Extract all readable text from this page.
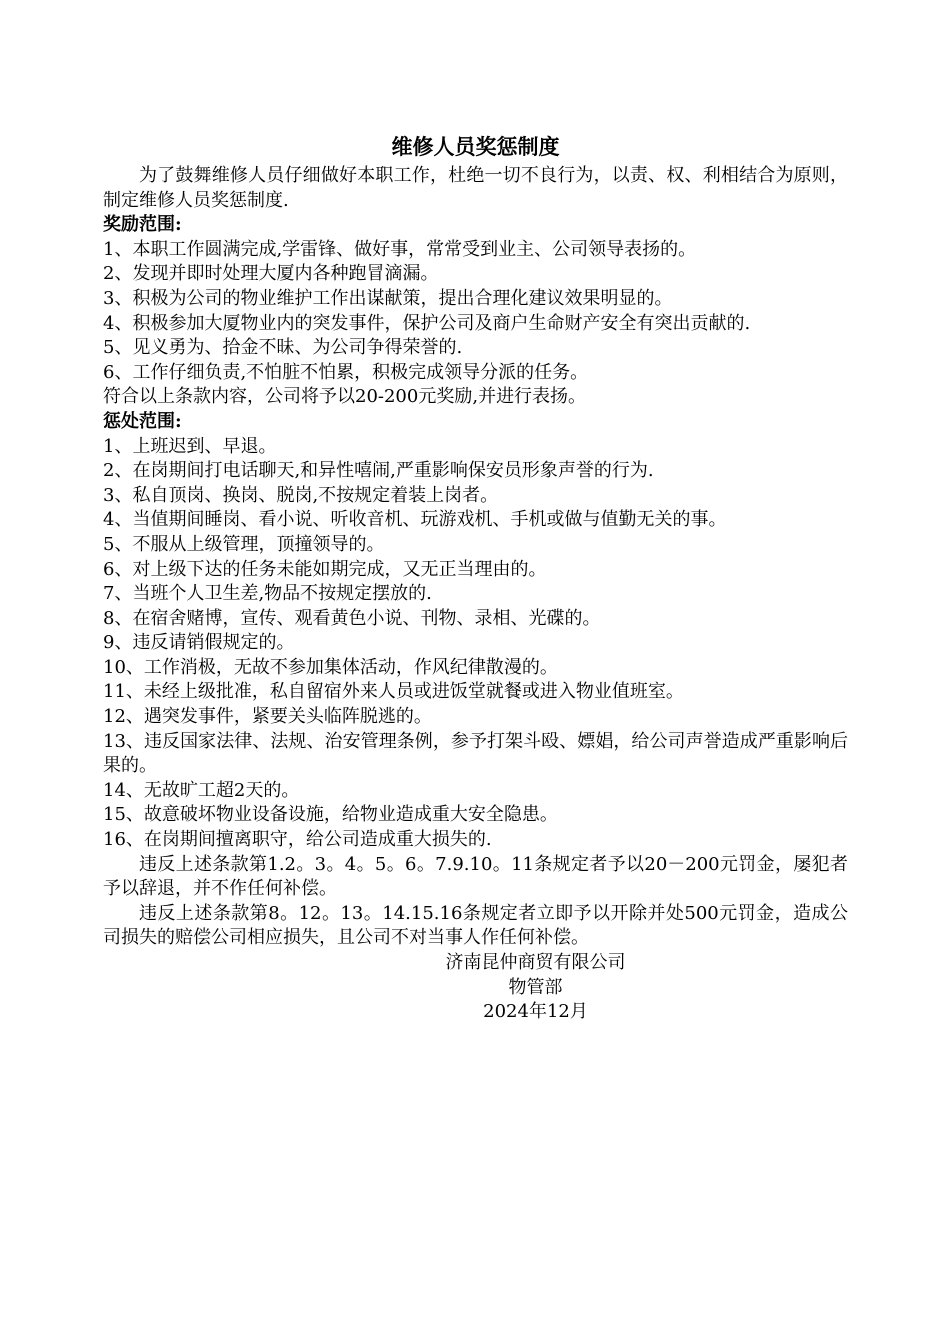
维修人员奖惩制度

为了鼓舞维修人员仔细做好本职工作，杜绝一切不良行为，以责、权、利相结合为原则，制定维修人员奖惩制度.

奖励范围:

1、本职工作圆满完成,学雷锋、做好事，常常受到业主、公司领导表扬的。
2、发现并即时处理大厦内各种跑冒滴漏。
3、积极为公司的物业维护工作出谋献策，提出合理化建议效果明显的。
4、积极参加大厦物业内的突发事件，保护公司及商户生命财产安全有突出贡献的.
5、见义勇为、拾金不昧、为公司争得荣誉的.
6、工作仔细负责,不怕脏不怕累，积极完成领导分派的任务。

符合以上条款内容，公司将予以20-200元奖励,并进行表扬。

惩处范围:

1、上班迟到、早退。
2、在岗期间打电话聊天,和异性嘻闹,严重影响保安员形象声誉的行为.
3、私自顶岗、换岗、脱岗,不按规定着装上岗者。
4、当值期间睡岗、看小说、听收音机、玩游戏机、手机或做与值勤无关的事。
5、不服从上级管理，顶撞领导的。
6、对上级下达的任务未能如期完成，又无正当理由的。
7、当班个人卫生差,物品不按规定摆放的.
8、在宿舍赌博，宣传、观看黄色小说、刊物、录相、光碟的。
9、违反请销假规定的。
10、工作消极，无故不参加集体活动，作风纪律散漫的。
11、未经上级批准，私自留宿外来人员或进饭堂就餐或进入物业值班室。
12、遇突发事件，紧要关头临阵脱逃的。
13、违反国家法律、法规、治安管理条例，参予打架斗殴、嫖娼，给公司声誉造成严重影响后果的。
14、无故旷工超2天的。
15、故意破坏物业设备设施，给物业造成重大安全隐患。
16、在岗期间擅离职守，给公司造成重大损失的.

违反上述条款第1.2。3。4。5。6。7.9.10。11条规定者予以20－200元罚金，屡犯者予以辞退，并不作任何补偿。

违反上述条款第8。12。13。14.15.16条规定者立即予以开除并处500元罚金，造成公司损失的赔偿公司相应损失，且公司不对当事人作任何补偿。

济南昆仲商贸有限公司

物管部

2024年12月
